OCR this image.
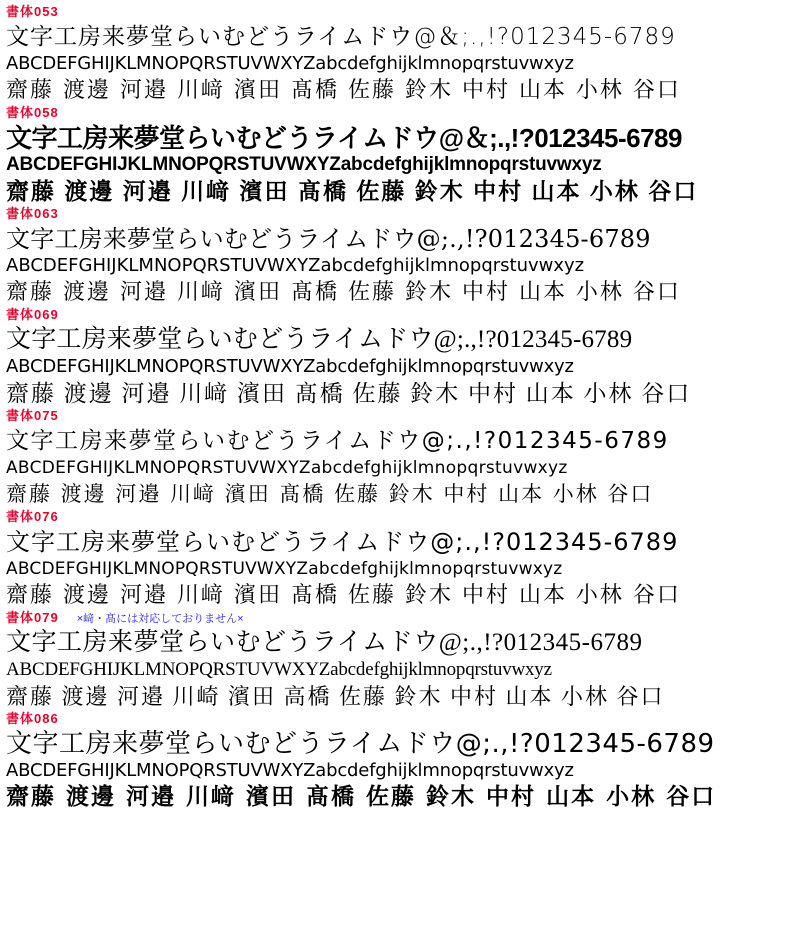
書体053
文字工房来夢堂らいむどうライムドウ@＆;.,!?012345-6789
ABCDEFGHIJKLMNOPQRSTUVWXYZabcdefghijklmnopqrstuvwxyz
齋藤 渡邊 河邉 川﨑 濱田 髙橋 佐藤 鈴木 中村 山本 小林 谷口
書体058
文字工房来夢堂らいむどうライムドウ@＆;.,!?012345-6789
ABCDEFGHIJKLMNOPQRSTUVWXYZabcdefghijklmnopqrstuvwxyz
齋藤 渡邊 河邉 川﨑 濱田 髙橋 佐藤 鈴木 中村 山本 小林 谷口
書体063
文字工房来夢堂らいむどうライムドウ@;.,!?012345-6789
ABCDEFGHIJKLMNOPQRSTUVWXYZabcdefghijklmnopqrstuvwxyz
齋藤 渡邊 河邉 川﨑 濱田 髙橋 佐藤 鈴木 中村 山本 小林 谷口
書体069
文字工房来夢堂らいむどうライムドウ@;.,!?012345-6789
ABCDEFGHIJKLMNOPQRSTUVWXYZabcdefghijklmnopqrstuvwxyz
齋藤 渡邊 河邉 川﨑 濱田 髙橋 佐藤 鈴木 中村 山本 小林 谷口
書体075
文字工房来夢堂らいむどうライムドウ@;.,!?012345-6789
ABCDEFGHIJKLMNOPQRSTUVWXYZabcdefghijklmnopqrstuvwxyz
齋藤 渡邊 河邉 川﨑 濱田 髙橋 佐藤 鈴木 中村 山本 小林 谷口
書体076
文字工房来夢堂らいむどうライムドウ@;.,!?012345-6789
ABCDEFGHIJKLMNOPQRSTUVWXYZabcdefghijklmnopqrstuvwxyz
齋藤 渡邊 河邉 川﨑 濱田 髙橋 佐藤 鈴木 中村 山本 小林 谷口
書体079 ×﨑・髙には対応しておりません×
文字工房来夢堂らいむどうライムドウ@;.,!?012345-6789
ABCDEFGHIJKLMNOPQRSTUVWXYZabcdefghijklmnopqrstuvwxyz
齋藤 渡邊 河邉 川崎 濱田 高橋 佐藤 鈴木 中村 山本 小林 谷口
書体086
文字工房来夢堂らいむどうライムドウ@;.,!?012345-6789
ABCDEFGHIJKLMNOPQRSTUVWXYZabcdefghijklmnopqrstuvwxyz
齋藤 渡邊 河邉 川﨑 濱田 髙橋 佐藤 鈴木 中村 山本 小林 谷口
